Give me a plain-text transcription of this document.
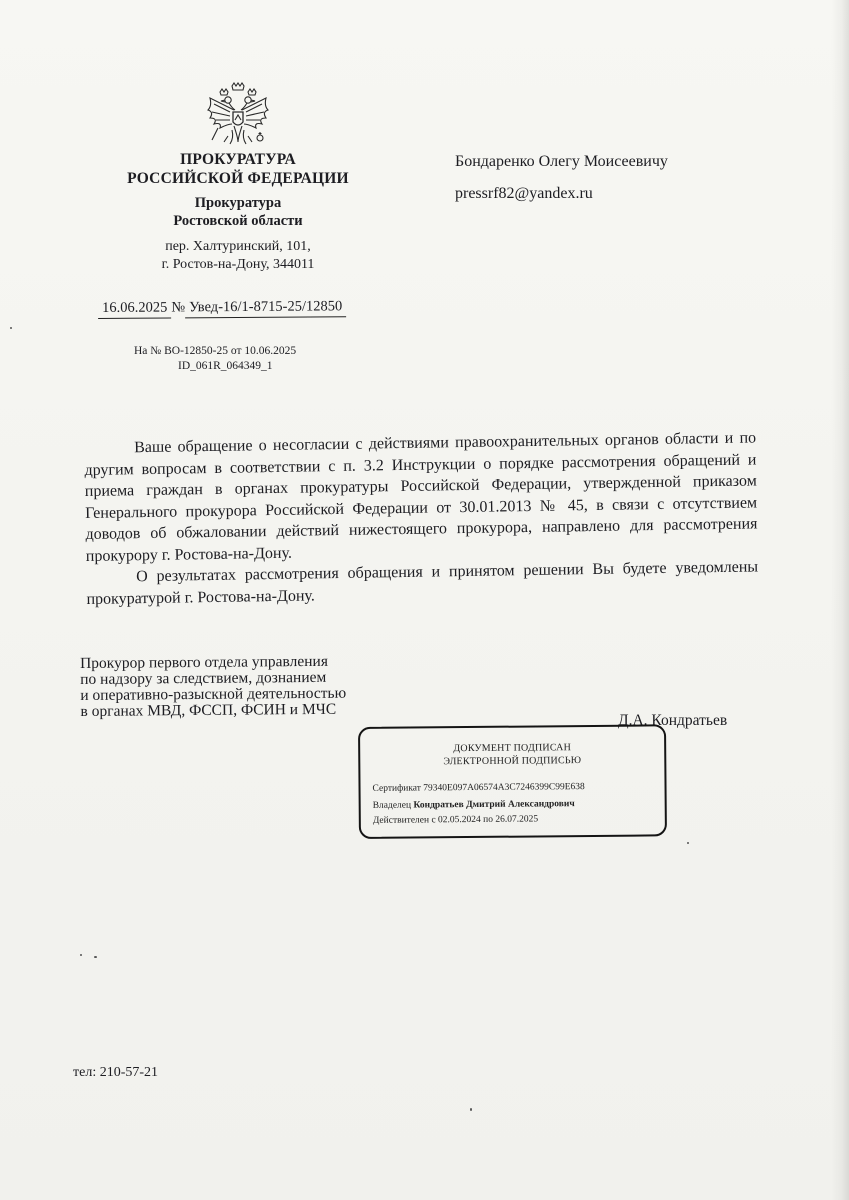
ПРОКУРАТУРА
РОССИЙСКОЙ ФЕДЕРАЦИИ
Прокуратура
Ростовской области
пер. Халтуринский, 101,
г. Ростов-на-Дону, 344011
Бондаренко Олегу Моисеевичу
pressrf82@yandex.ru
16.06.2025 № Увед-16/1-8715-25/12850
На № ВО-12850-25 от 10.06.2025
ID_061R_064349_1

Ваше обращение о несогласии с действиями правоохранительных органов области и по другим вопросам в соответствии с п. 3.2 Инструкции о порядке рассмотрения обращений и приема граждан в органах прокуратуры Российской Федерации, утвержденной приказом Генерального прокурора Российской Федерации от 30.01.2013 № 45, в связи с отсутствием доводов об обжаловании действий нижестоящего прокурора, направлено для рассмотрения прокурору г. Ростова-на-Дону.

О результатах рассмотрения обращения и принятом решении Вы будете уведомлены прокуратурой г. Ростова-на-Дону.

Прокурор первого отдела управления
по надзору за следствием, дознанием
и оперативно-разыскной деятельностью
в органах МВД, ФССП, ФСИН и МЧС
Д.А. Кондратьев
ДОКУМЕНТ ПОДПИСАН
ЭЛЕКТРОННОЙ ПОДПИСЬЮ
Сертификат 79340E097A06574A3C7246399C99E638
Владелец Кондратьев Дмитрий Александрович
Действителен с 02.05.2024 по 26.07.2025
тел: 210-57-21
